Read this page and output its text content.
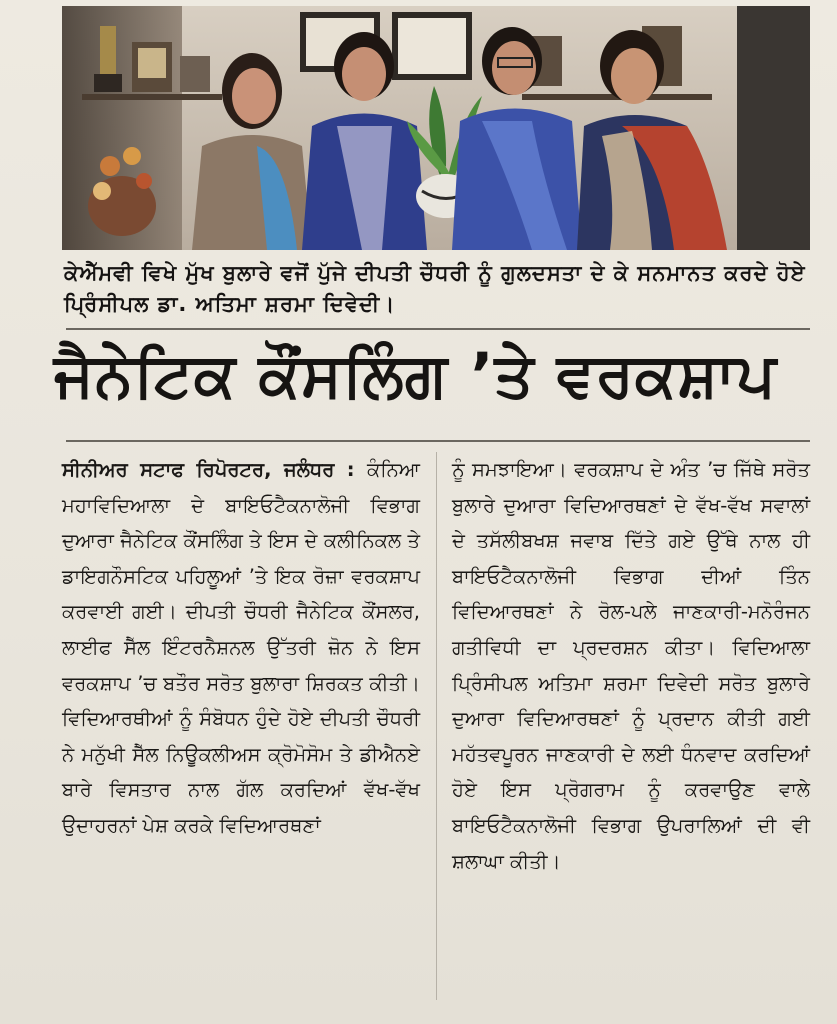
ਕੇਐੱਮਵੀ ਵਿਖੇ ਮੁੱਖ ਬੁਲਾਰੇ ਵਜੋਂ ਪੁੱਜੇ ਦੀਪਤੀ ਚੌਧਰੀ ਨੂੰ ਗੁਲਦਸਤਾ ਦੇ ਕੇ ਸਨਮਾਨਤ ਕਰਦੇ ਹੋਏ ਪ੍ਰਿੰਸੀਪਲ ਡਾ. ਅਤਿਮਾ ਸ਼ਰਮਾ ਦਿਵੇਦੀ।
ਜੈਨੇਟਿਕ ਕੌਂਸਲਿੰਗ ’ਤੇ ਵਰਕਸ਼ਾਪ
ਸੀਨੀਅਰ ਸਟਾਫ ਰਿਪੋਰਟਰ, ਜਲੰਧਰ : ਕੰਨਿਆ ਮਹਾਵਿਦਿਆਲਾ ਦੇ ਬਾਇਓਟੈਕਨਾਲੋਜੀ ਵਿਭਾਗ ਦੁਆਰਾ ਜੈਨੇਟਿਕ ਕੌਂਸਲਿੰਗ ਤੇ ਇਸ ਦੇ ਕਲੀਨਿਕਲ ਤੇ ਡਾਇਗਨੌਸਟਿਕ ਪਹਿਲੂਆਂ ’ਤੇ ਇਕ ਰੋਜ਼ਾ ਵਰਕਸ਼ਾਪ ਕਰਵਾਈ ਗਈ। ਦੀਪਤੀ ਚੌਧਰੀ ਜੈਨੇਟਿਕ ਕੌਂਸਲਰ, ਲਾਈਫ ਸੈੱਲ ਇੰਟਰਨੈਸ਼ਨਲ ਉੱਤਰੀ ਜ਼ੋਨ ਨੇ ਇਸ ਵਰਕਸ਼ਾਪ ’ਚ ਬਤੌਰ ਸਰੋਤ ਬੁਲਾਰਾ ਸ਼ਿਰਕਤ ਕੀਤੀ। ਵਿਦਿਆਰਥੀਆਂ ਨੂੰ ਸੰਬੋਧਨ ਹੁੰਦੇ ਹੋਏ ਦੀਪਤੀ ਚੌਧਰੀ ਨੇ ਮਨੁੱਖੀ ਸੈੱਲ ਨਿਊਕਲੀਅਸ ਕ੍ਰੋਮੋਸੋਮ ਤੇ ਡੀਐਨਏ ਬਾਰੇ ਵਿਸਤਾਰ ਨਾਲ ਗੱਲ ਕਰਦਿਆਂ ਵੱਖ-ਵੱਖ ਉਦਾਹਰਨਾਂ ਪੇਸ਼ ਕਰਕੇ ਵਿਦਿਆਰਥਣਾਂ
ਨੂੰ ਸਮਝਾਇਆ। ਵਰਕਸ਼ਾਪ ਦੇ ਅੰਤ ’ਚ ਜਿੱਥੇ ਸਰੋਤ ਬੁਲਾਰੇ ਦੁਆਰਾ ਵਿਦਿਆਰਥਣਾਂ ਦੇ ਵੱਖ-ਵੱਖ ਸਵਾਲਾਂ ਦੇ ਤਸੱਲੀਬਖਸ਼ ਜਵਾਬ ਦਿੱਤੇ ਗਏ ਉੱਥੇ ਨਾਲ ਹੀ ਬਾਇਓਟੈਕਨਾਲੋਜੀ ਵਿਭਾਗ ਦੀਆਂ ਤਿੰਨ ਵਿਦਿਆਰਥਣਾਂ ਨੇ ਰੋਲ-ਪਲੇ ਜਾਣਕਾਰੀ-ਮਨੋਰੰਜਨ ਗਤੀਵਿਧੀ ਦਾ ਪ੍ਰਦਰਸ਼ਨ ਕੀਤਾ। ਵਿਦਿਆਲਾ ਪ੍ਰਿੰਸੀਪਲ ਅਤਿਮਾ ਸ਼ਰਮਾ ਦਿਵੇਦੀ ਸਰੋਤ ਬੁਲਾਰੇ ਦੁਆਰਾ ਵਿਦਿਆਰਥਣਾਂ ਨੂੰ ਪ੍ਰਦਾਨ ਕੀਤੀ ਗਈ ਮਹੱਤਵਪੂਰਨ ਜਾਣਕਾਰੀ ਦੇ ਲਈ ਧੰਨਵਾਦ ਕਰਦਿਆਂ ਹੋਏ ਇਸ ਪ੍ਰੋਗਰਾਮ ਨੂੰ ਕਰਵਾਉਣ ਵਾਲੇ ਬਾਇਓਟੈਕਨਾਲੋਜੀ ਵਿਭਾਗ ਉਪਰਾਲਿਆਂ ਦੀ ਵੀ ਸ਼ਲਾਘਾ ਕੀਤੀ।
